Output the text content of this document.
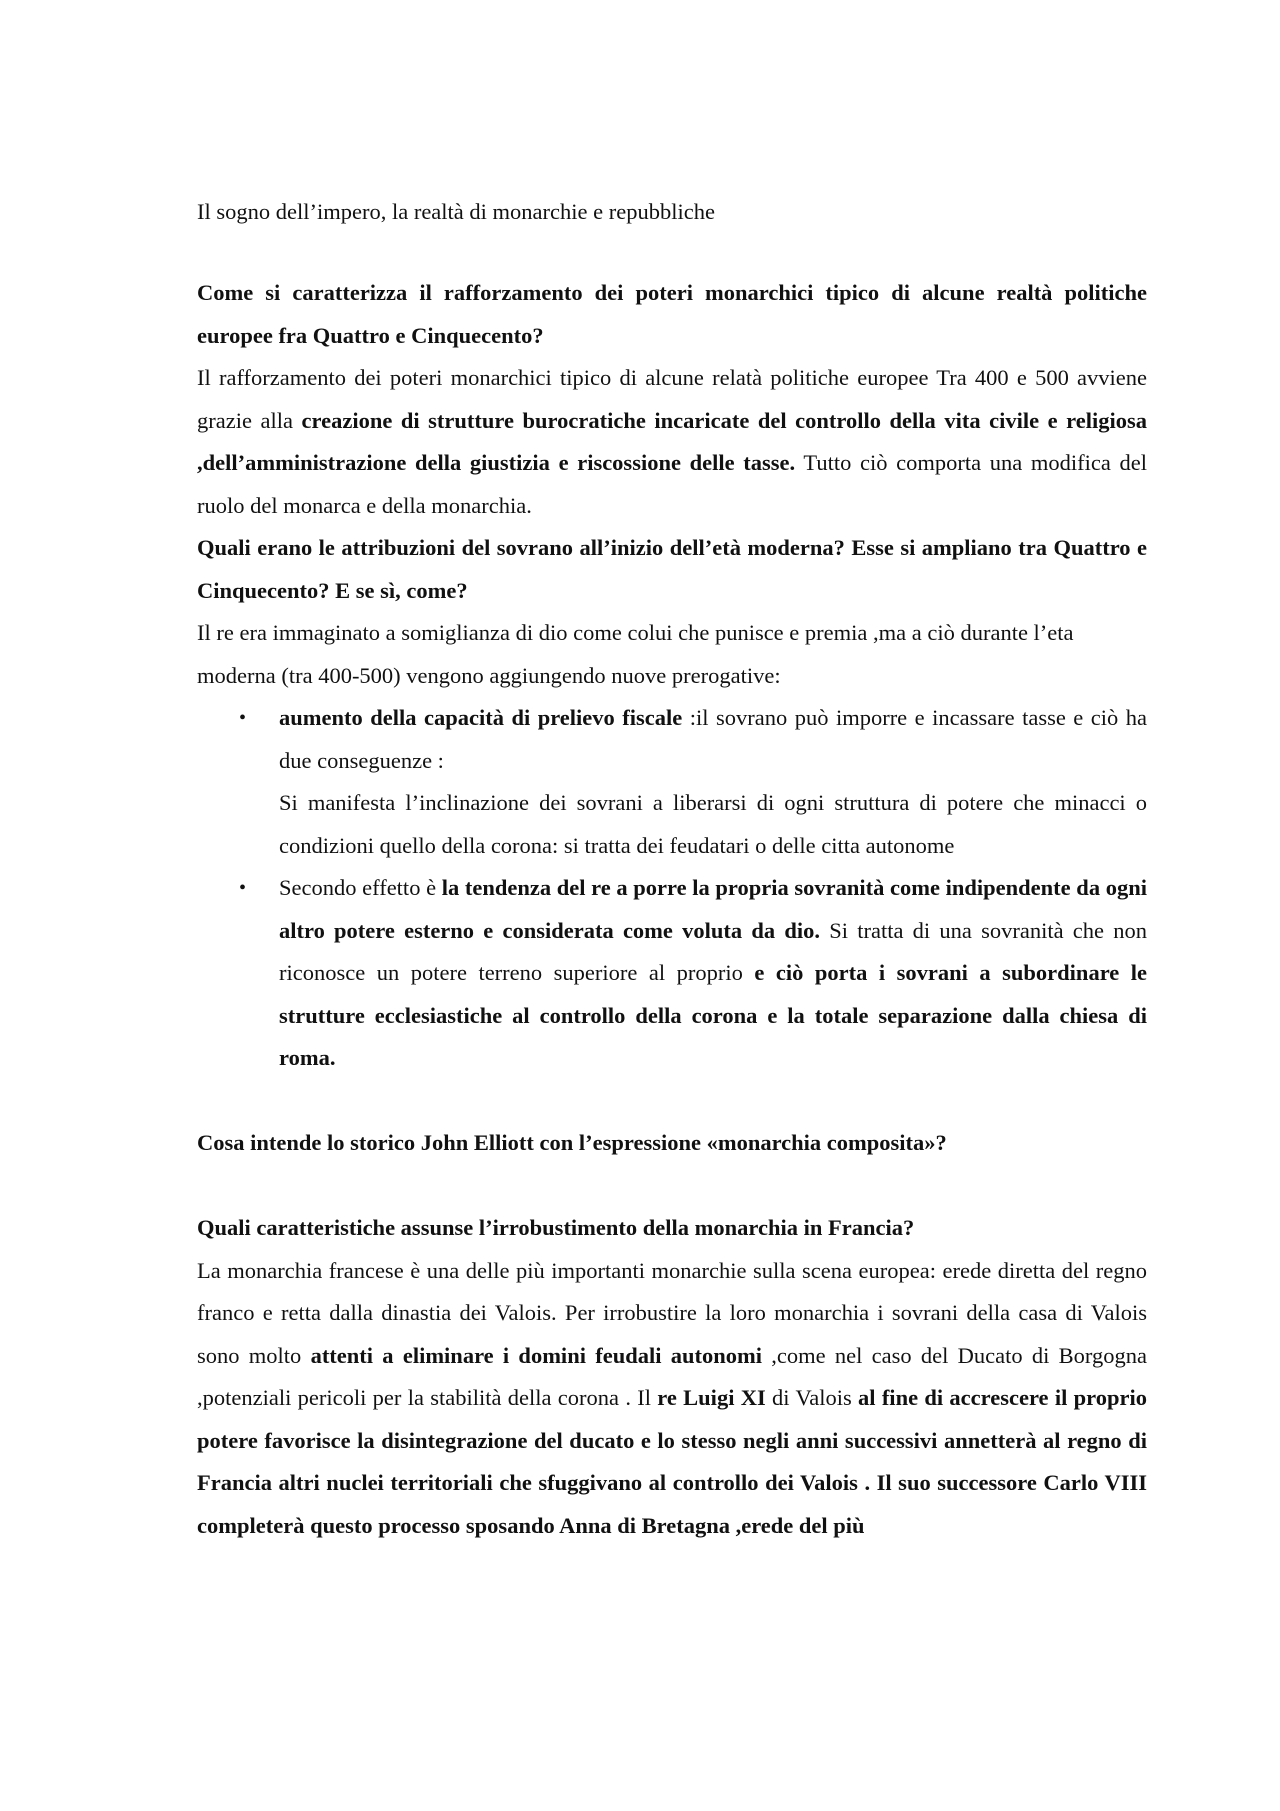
Il sogno dell’impero, la realtà di monarchie e repubbliche

Come si caratterizza il rafforzamento dei poteri monarchici tipico di alcune realtà politiche europee fra Quattro e Cinquecento?

Il rafforzamento dei poteri monarchici tipico di alcune relatà politiche europee Tra 400 e 500 avviene grazie alla creazione di strutture burocratiche incaricate del controllo della vita civile e religiosa ,dell’amministrazione della giustizia e riscossione delle tasse. Tutto ciò comporta una modifica del ruolo del monarca e della monarchia.

Quali erano le attribuzioni del sovrano all’inizio dell’età moderna? Esse si ampliano tra Quattro e Cinquecento? E se sì, come?

Il re era immaginato a somiglianza di dio come colui che punisce e premia ,ma a ciò durante l’eta moderna (tra 400-500) vengono aggiungendo nuove prerogative:

• aumento della capacità di prelievo fiscale :il sovrano può imporre e incassare tasse e ciò ha due conseguenze :

Si manifesta l’inclinazione dei sovrani a liberarsi di ogni struttura di potere che minacci o condizioni quello della corona: si tratta dei feudatari o delle citta autonome

• Secondo effetto è la tendenza del re a porre la propria sovranità come indipendente da ogni altro potere esterno e considerata come voluta da dio. Si tratta di una sovranità che non riconosce un potere terreno superiore al proprio e ciò porta i sovrani a subordinare le strutture ecclesiastiche al controllo della corona e la totale separazione dalla chiesa di roma.

Cosa intende lo storico John Elliott con l’espressione «monarchia composita»?

Quali caratteristiche assunse l’irrobustimento della monarchia in Francia?

La monarchia francese è una delle più importanti monarchie sulla scena europea: erede diretta del regno franco e retta dalla dinastia dei Valois. Per irrobustire la loro monarchia i sovrani della casa di Valois sono molto attenti a eliminare i domini feudali autonomi ,come nel caso del Ducato di Borgogna ,potenziali pericoli per la stabilità della corona . Il re Luigi XI di Valois al fine di accrescere il proprio potere favorisce la disintegrazione del ducato e lo stesso negli anni successivi annetterà al regno di Francia altri nuclei territoriali che sfuggivano al controllo dei Valois . Il suo successore Carlo VIII completerà questo processo sposando Anna di Bretagna ,erede del più
